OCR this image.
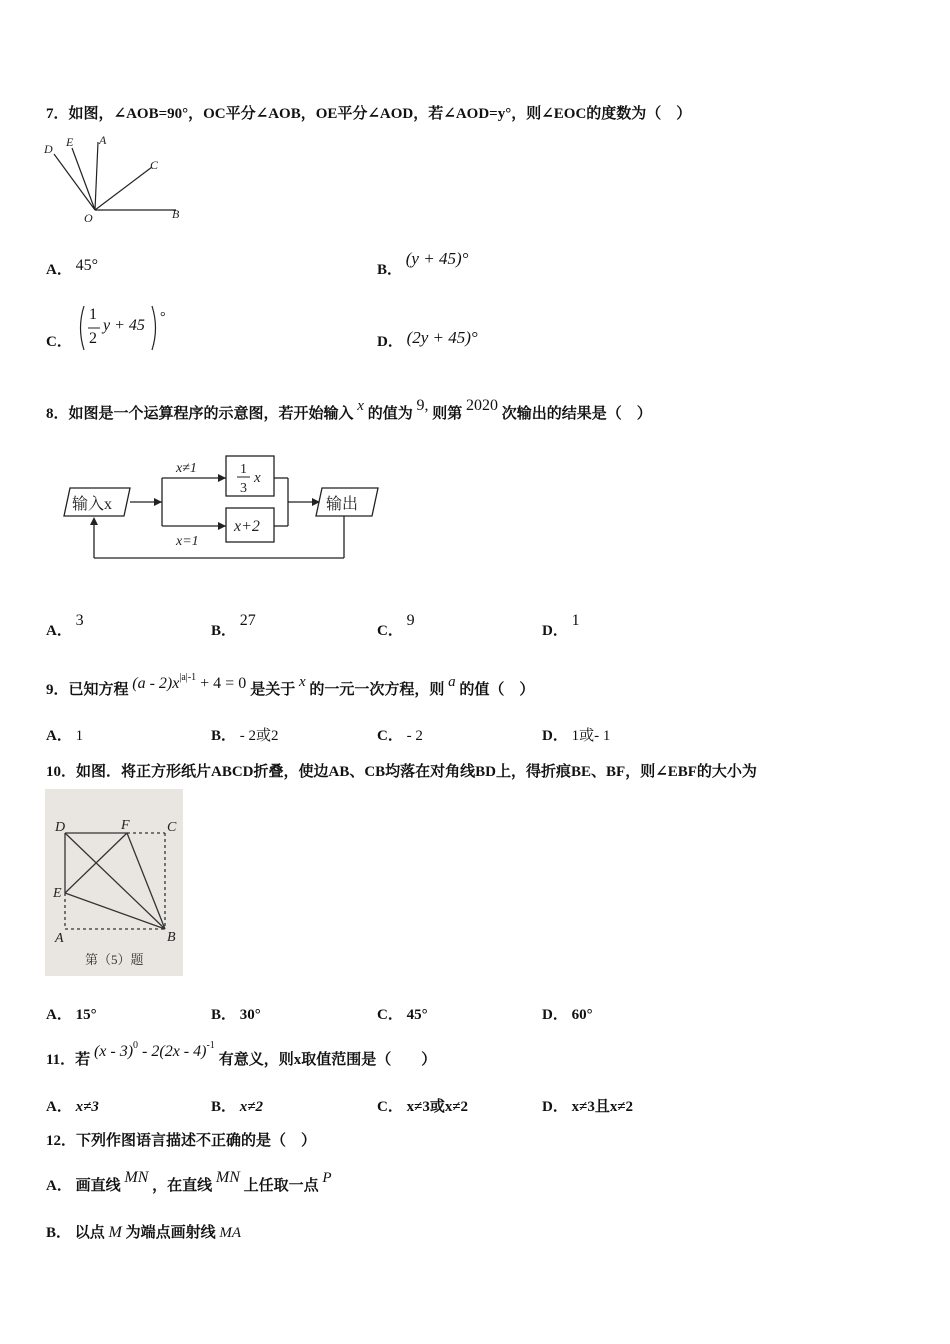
7．如图，∠AOB=90°，OC平分∠AOB，OE平分∠AOD，若∠AOD=y°，则∠EOC的度数为（　）
D E A
C
O	B
A． 45°	B． (y + 45)°
C．
1
2
y + 45 °
D． (2y + 45)°
8．如图是一个运算程序的示意图，若开始输入 x 的值为 9, 则第 2020 次输出的结果是（　）
输入x
x≠1
x=1
1
3
x
x+2
输出
A． 3
B． 27
C． 9
D． 1
9．已知方程 $(a - 2)x^{|a|-1} + 4 = 0$ 是关于 x 的一元一次方程，则 a 的值（　）
A． 1	B． - 2或2	C． - 2	D． 1或- 1
10．如图．将正方形纸片ABCD折叠，使边AB、CB均落在对角线BD上，得折痕BE、BF，则∠EBF的大小为
D	F	C
E
A	B
第（5）题
A． 15°	B． 30°	C． 45°	D． 60°
11．若 (x - 3)$^0$ - 2(2x - 4)$^{-1}$ 有意义，则x取值范围是（　　）
A． x≠3	B． x≠2	C． x≠3或x≠2	D． x≠3且x≠2
12．下列作图语言描述不正确的是（　）
A． 画直线 MN ，在直线 MN 上任取一点 P
B． 以点 M 为端点画射线 MA
